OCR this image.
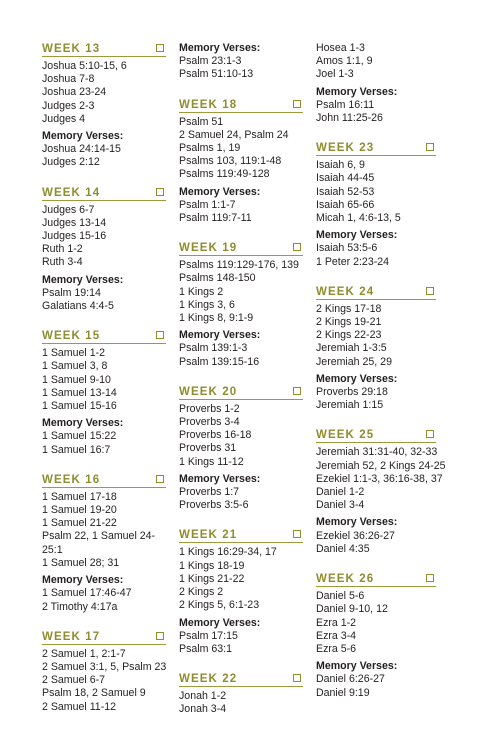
WEEK 13
Joshua 5:10-15, 6
Joshua 7-8
Joshua 23-24
Judges 2-3
Judges 4
Memory Verses:
Joshua 24:14-15
Judges 2:12
WEEK 14
Judges 6-7
Judges 13-14
Judges 15-16
Ruth 1-2
Ruth 3-4
Memory Verses:
Psalm 19:14
Galatians 4:4-5
WEEK 15
1 Samuel 1-2
1 Samuel 3, 8
1 Samuel 9-10
1 Samuel 13-14
1 Samuel 15-16
Memory Verses:
1 Samuel 15:22
1 Samuel 16:7
WEEK 16
1 Samuel 17-18
1 Samuel 19-20
1 Samuel 21-22
Psalm 22, 1 Samuel 24-25:1
1 Samuel 28; 31
Memory Verses:
1 Samuel 17:46-47
2 Timothy 4:17a
WEEK 17
2 Samuel 1, 2:1-7
2 Samuel 3:1, 5, Psalm 23
2 Samuel 6-7
Psalm 18, 2 Samuel 9
2 Samuel 11-12
Memory Verses:
Psalm 23:1-3
Psalm 51:10-13
WEEK 18
Psalm 51
2 Samuel 24, Psalm 24
Psalms 1, 19
Psalms 103, 119:1-48
Psalms 119:49-128
Memory Verses:
Psalm 1:1-7
Psalm 119:7-11
WEEK 19
Psalms 119:129-176, 139
Psalms 148-150
1 Kings 2
1 Kings 3, 6
1 Kings 8, 9:1-9
Memory Verses:
Psalm 139:1-3
Psalm 139:15-16
WEEK 20
Proverbs 1-2
Proverbs 3-4
Proverbs 16-18
Proverbs 31
1 Kings 11-12
Memory Verses:
Proverbs 1:7
Proverbs 3:5-6
WEEK 21
1 Kings 16:29-34, 17
1 Kings 18-19
1 Kings 21-22
2 Kings 2
2 Kings 5, 6:1-23
Memory Verses:
Psalm 17:15
Psalm 63:1
WEEK 22
Jonah 1-2
Jonah 3-4
Hosea 1-3
Amos 1:1, 9
Joel 1-3
Memory Verses:
Psalm 16:11
John 11:25-26
WEEK 23
Isaiah 6, 9
Isaiah 44-45
Isaiah 52-53
Isaiah 65-66
Micah 1, 4:6-13, 5
Memory Verses:
Isaiah 53:5-6
1 Peter 2:23-24
WEEK 24
2 Kings 17-18
2 Kings 19-21
2 Kings 22-23
Jeremiah 1-3:5
Jeremiah 25, 29
Memory Verses:
Proverbs 29:18
Jeremiah 1:15
WEEK 25
Jeremiah 31:31-40, 32-33
Jeremiah 52, 2 Kings 24-25
Ezekiel 1:1-3, 36:16-38, 37
Daniel 1-2
Daniel 3-4
Memory Verses:
Ezekiel 36:26-27
Daniel 4:35
WEEK 26
Daniel 5-6
Daniel 9-10, 12
Ezra 1-2
Ezra 3-4
Ezra 5-6
Memory Verses:
Daniel 6:26-27
Daniel 9:19
